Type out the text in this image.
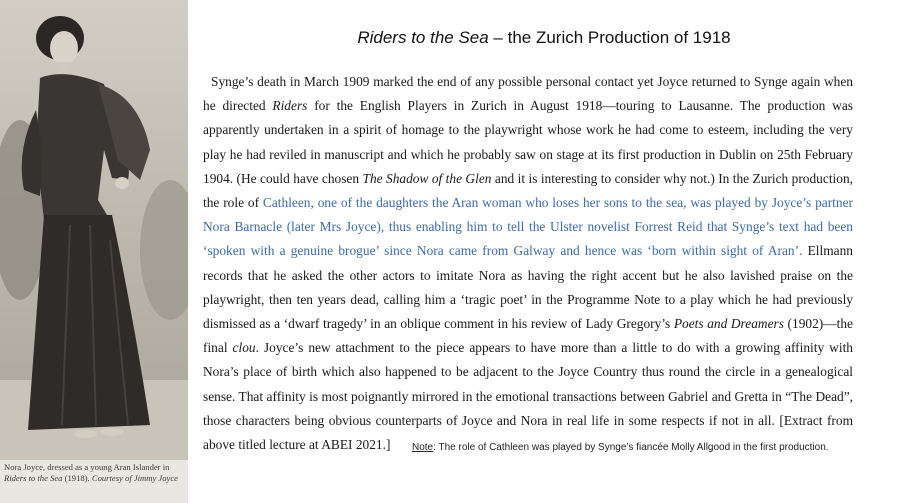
Nora Joyce, dressed as a young Aran Islander in Riders to the Sea (1918). Courtesy of Jimmy Joyce
Riders to the Sea – the Zurich Production of 1918
Synge’s death in March 1909 marked the end of any possible personal contact yet Joyce returned to Synge again when he directed Riders for the English Players in Zurich in August 1918—touring to Lausanne. The production was apparently undertaken in a spirit of homage to the playwright whose work he had come to esteem, including the very play he had reviled in manuscript and which he probably saw on stage at its first production in Dublin on 25th February 1904. (He could have chosen The Shadow of the Glen and it is interesting to consider why not.) In the Zurich production, the role of Cathleen, one of the daughters the Aran woman who loses her sons to the sea, was played by Joyce’s partner Nora Barnacle (later Mrs Joyce), thus enabling him to tell the Ulster novelist Forrest Reid that Synge’s text had been ‘spoken with a genuine brogue’ since Nora came from Galway and hence was ‘born within sight of Aran’. Ellmann records that he asked the other actors to imitate Nora as having the right accent but he also lavished praise on the playwright, then ten years dead, calling him a ‘tragic poet’ in the Programme Note to a play which he had previously dismissed as a ‘dwarf tragedy’ in an oblique comment in his review of Lady Gregory’s Poets and Dreamers (1902)—the final clou. Joyce’s new attachment to the piece appears to have more than a little to do with a growing affinity with Nora’s place of birth which also happened to be adjacent to the Joyce Country thus round the circle in a genealogical sense. That affinity is most poignantly mirrored in the emotional transactions between Gabriel and Gretta in “The Dead”, those characters being obvious counterparts of Joyce and Nora in real life in some respects if not in all. [Extract from above titled lecture at ABEI 2021.]	Note: The role of Cathleen was played by Synge’s fiancée Molly Allgood in the first production.
